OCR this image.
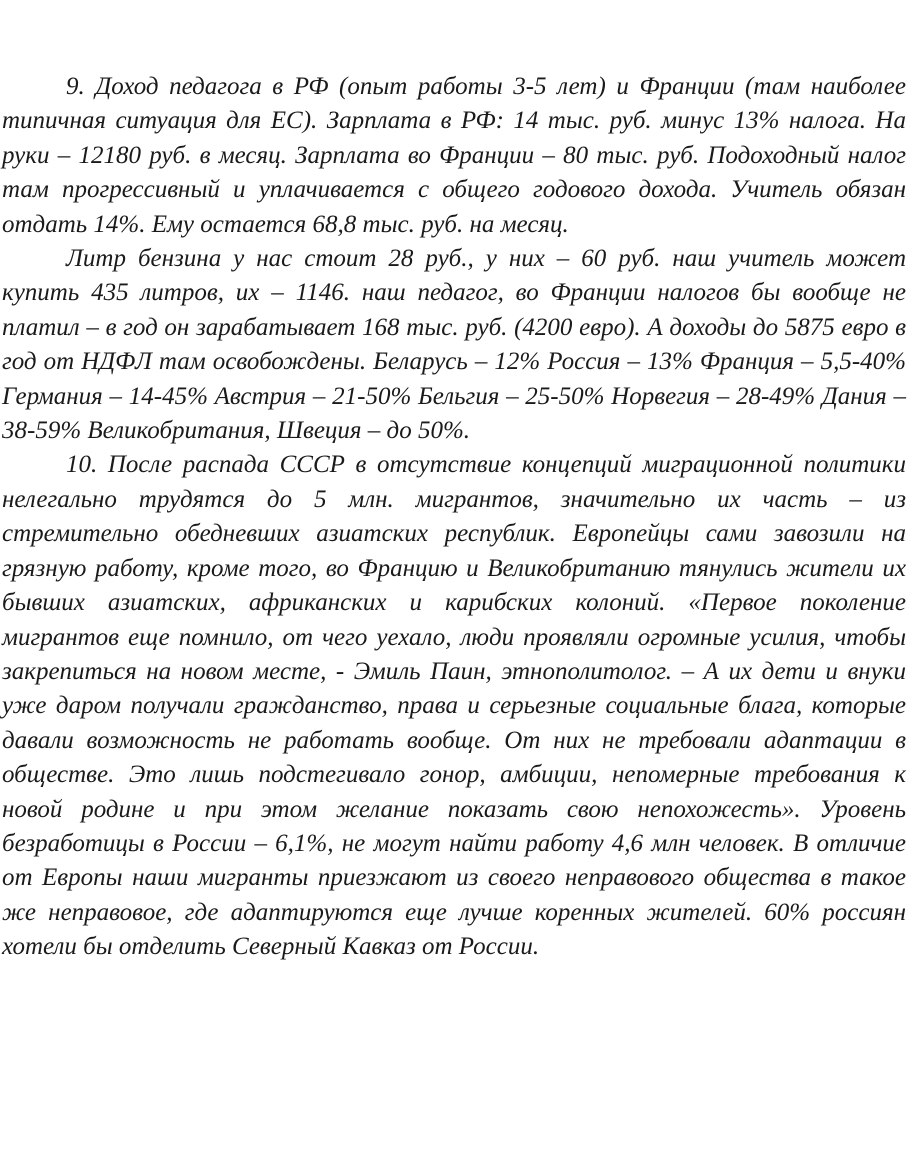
9. Доход педагога в РФ (опыт работы 3-5 лет) и Франции (там наиболее типичная ситуация для ЕС). Зарплата в РФ: 14 тыс. руб. минус 13% налога. На руки – 12180 руб. в месяц. Зарплата во Франции – 80 тыс. руб. Подоходный налог там прогрессивный и уплачивается с общего годового дохода. Учитель обязан отдать 14%. Ему остается 68,8 тыс. руб. на месяц.

Литр бензина у нас стоит 28 руб., у них – 60 руб. наш учитель может купить 435 литров, их – 1146. наш педагог, во Франции налогов бы вообще не платил – в год он зарабатывает 168 тыс. руб. (4200 евро). А доходы до 5875 евро в год от НДФЛ там освобождены. Беларусь – 12% Россия – 13% Франция – 5,5-40% Германия – 14-45% Австрия – 21-50% Бельгия – 25-50% Норвегия – 28-49% Дания – 38-59% Великобритания, Швеция – до 50%.

10. После распада СССР в отсутствие концепций миграционной политики нелегально трудятся до 5 млн. мигрантов, значительно их часть – из стремительно обедневших азиатских республик. Европейцы сами завозили на грязную работу, кроме того, во Францию и Великобританию тянулись жители их бывших азиатских, африканских и карибских колоний. «Первое поколение мигрантов еще помнило, от чего уехало, люди проявляли огромные усилия, чтобы закрепиться на новом месте, - Эмиль Паин, этнополитолог. – А их дети и внуки уже даром получали гражданство, права и серьезные социальные блага, которые давали возможность не работать вообще. От них не требовали адаптации в обществе. Это лишь подстегивало гонор, амбиции, непомерные требования к новой родине и при этом желание показать свою непохожесть». Уровень безработицы в России – 6,1%, не могут найти работу 4,6 млн человек. В отличие от Европы наши мигранты приезжают из своего неправового общества в такое же неправовое, где адаптируются еще лучше коренных жителей. 60% россиян хотели бы отделить Северный Кавказ от России.
